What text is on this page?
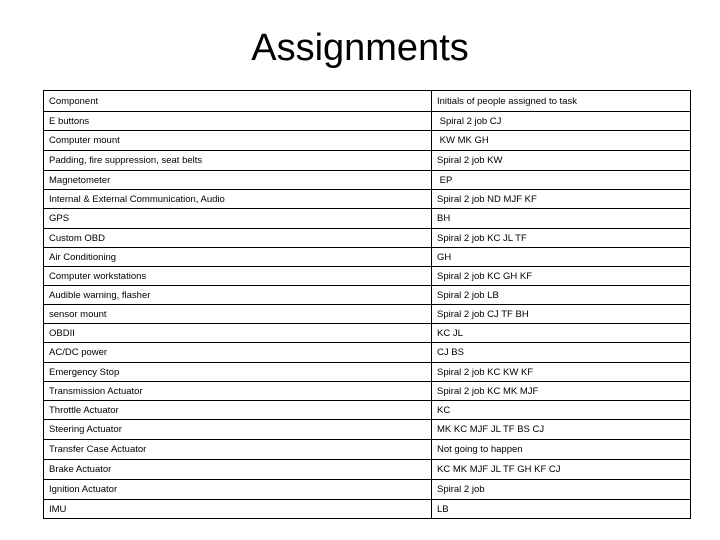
Assignments
Component	Initials of people assigned to task
E buttons	Spiral 2 job CJ
Computer mount	KW MK GH
Padding, fire suppression, seat belts	Spiral 2 job KW
Magnetometer	EP
Internal & External Communication, Audio	Spiral 2 job ND MJF KF
GPS	BH
Custom OBD	Spiral 2 job KC JL TF
Air Conditioning	GH
Computer workstations	Spiral 2 job KC GH KF
Audible warning, flasher	Spiral 2 job LB
sensor mount	Spiral 2 job CJ TF BH
OBDII	KC JL
AC/DC power	CJ BS
Emergency Stop	Spiral 2 job KC KW KF
Transmission Actuator	Spiral 2 job KC MK MJF
Throttle Actuator	KC
Steering Actuator	MK KC MJF JL TF BS CJ
Transfer Case Actuator	Not going to happen
Brake Actuator	KC MK MJF JL TF GH KF CJ
Ignition Actuator	Spiral 2 job
IMU	LB
